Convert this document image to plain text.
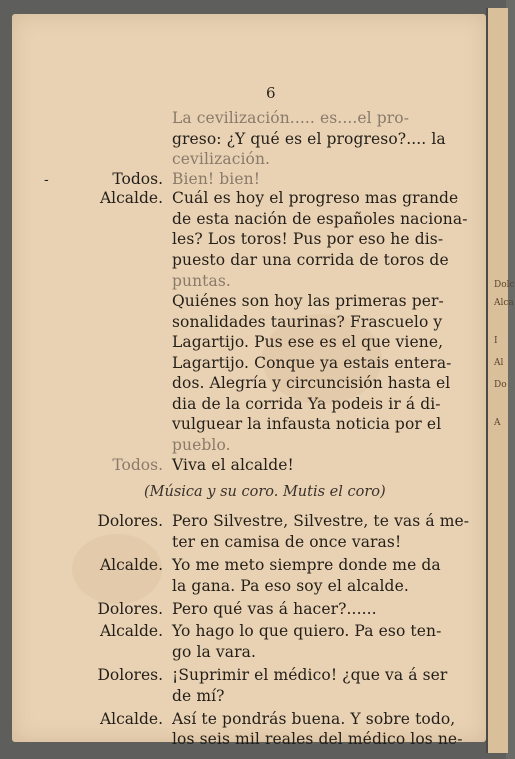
Dolc
Alca
I
Al
Do
A
6
-
La cevilización..... es....el pro-
greso: ¿Y qué es el progreso?.... la
cevilización.
Todos. Bien! bien!
Alcalde. Cuál es hoy el progreso mas grande
de esta nación de españoles naciona-
les? Los toros! Pus por eso he dis-
puesto dar una corrida de toros de
puntas.
Quiénes son hoy las primeras per-
sonalidades taurinas? Frascuelo y
Lagartijo. Pus ese es el que viene,
Lagartijo. Conque ya estais entera-
dos. Alegría y circuncisión hasta el
dia de la corrida Ya podeis ir á di-
vulguear la infausta noticia por el
pueblo.
Todos. Viva el alcalde!
(Música y su coro. Mutis el coro)
Dolores. Pero Silvestre, Silvestre, te vas á me-
ter en camisa de once varas!
Alcalde. Yo me meto siempre donde me da
la gana. Pa eso soy el alcalde.
Dolores. Pero qué vas á hacer?......
Alcalde. Yo hago lo que quiero. Pa eso ten-
go la vara.
Dolores. ¡Suprimir el médico! ¿que va á ser
de mí?
Alcalde. Así te pondrás buena. Y sobre todo,
los seis mil reales del médico los ne-
